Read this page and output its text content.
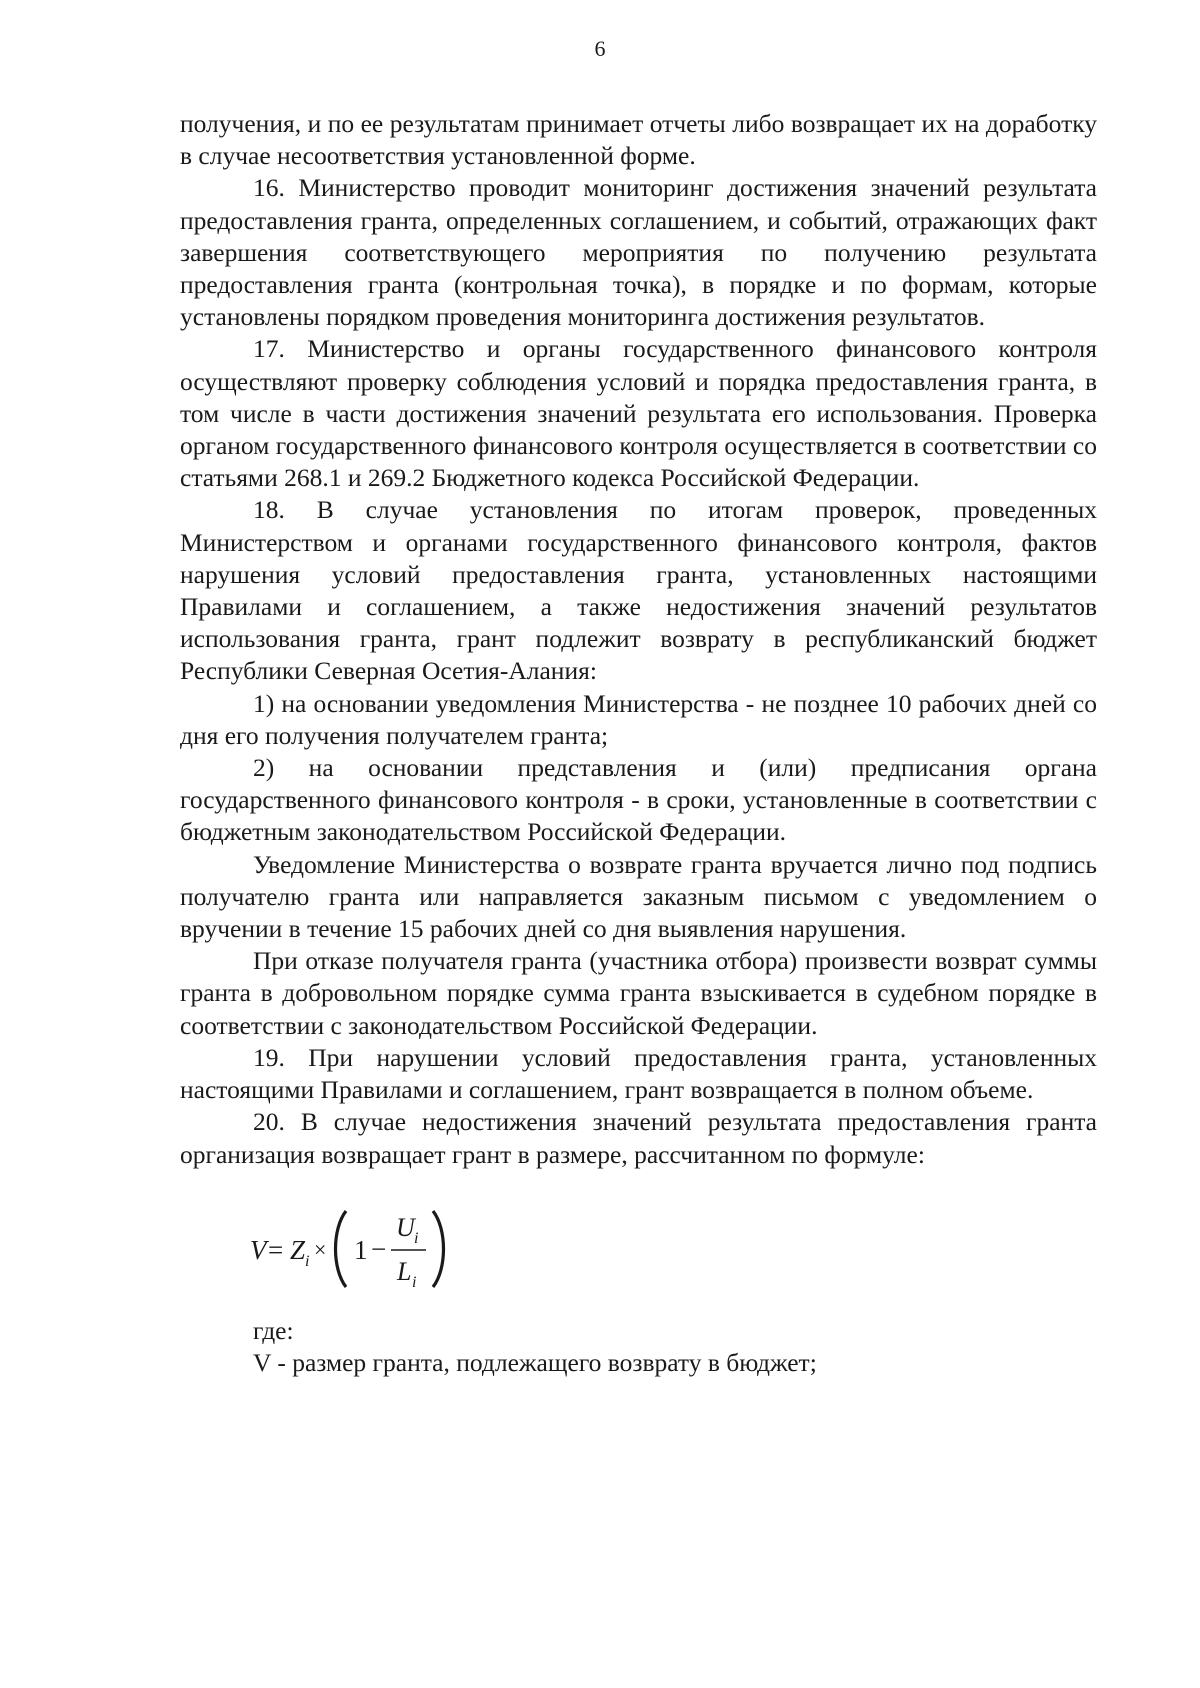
6

получения, и по ее результатам принимает отчеты либо возвращает их на доработку в случае несоответствия установленной форме.

16. Министерство проводит мониторинг достижения значений результата предоставления гранта, определенных соглашением, и событий, отражающих факт завершения соответствующего мероприятия по получению результата предоставления гранта (контрольная точка), в порядке и по формам, которые установлены порядком проведения мониторинга достижения результатов.

17. Министерство и органы государственного финансового контроля осуществляют проверку соблюдения условий и порядка предоставления гранта, в том числе в части достижения значений результата его использования. Проверка органом государственного финансового контроля осуществляется в соответствии со статьями 268.1 и 269.2 Бюджетного кодекса Российской Федерации.

18. В случае установления по итогам проверок, проведенных Министерством и органами государственного финансового контроля, фактов нарушения условий предоставления гранта, установленных настоящими Правилами и соглашением, а также недостижения значений результатов использования гранта, грант подлежит возврату в республиканский бюджет Республики Северная Осетия-Алания:

1) на основании уведомления Министерства - не позднее 10 рабочих дней со дня его получения получателем гранта;

2) на основании представления и (или) предписания органа государственного финансового контроля - в сроки, установленные в соответствии с бюджетным законодательством Российской Федерации.

Уведомление Министерства о возврате гранта вручается лично под подпись получателю гранта или направляется заказным письмом с уведомлением о вручении в течение 15 рабочих дней со дня выявления нарушения.

При отказе получателя гранта (участника отбора) произвести возврат суммы гранта в добровольном порядке сумма гранта взыскивается в судебном порядке в соответствии с законодательством Российской Федерации.

19. При нарушении условий предоставления гранта, установленных настоящими Правилами и соглашением, грант возвращается в полном объеме.

20. В случае недостижения значений результата предоставления гранта организация возвращает грант в размере, рассчитанном по формуле:

V = Z i × 1 −
U i
L i

где:

V - размер гранта, подлежащего возврату в бюджет;
